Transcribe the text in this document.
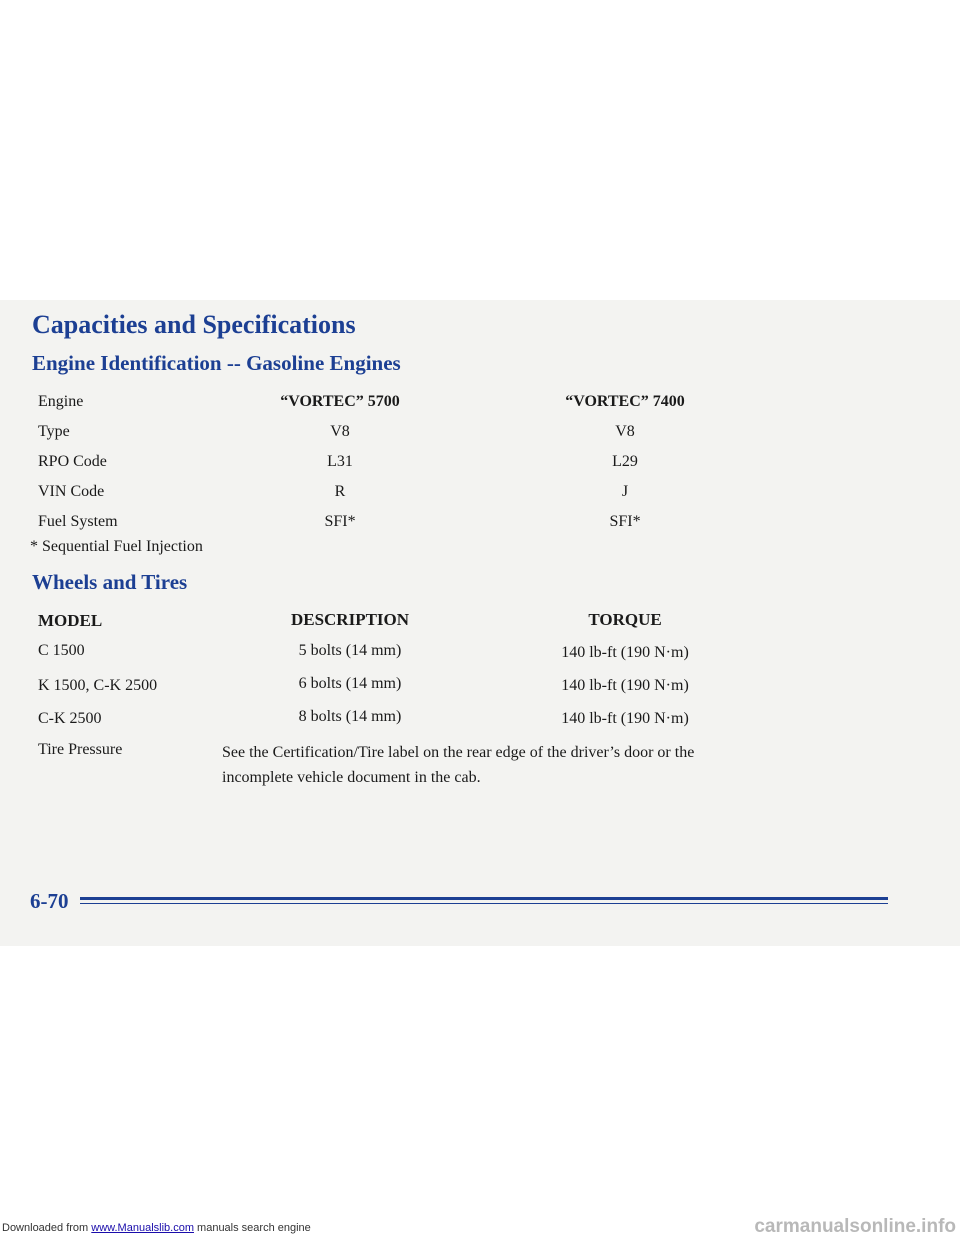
Capacities and Specifications
Engine Identification -- Gasoline Engines
Engine	“VORTEC” 5700	“VORTEC” 7400
Type	V8	V8
RPO Code	L31	L29
VIN Code	R	J
Fuel System	SFI*	SFI*
* Sequential Fuel Injection
Wheels and Tires
MODEL	DESCRIPTION	TORQUE
C 1500	5 bolts (14 mm)	140 lb-ft (190 N·m)
K 1500, C-K 2500	6 bolts (14 mm)	140 lb-ft (190 N·m)
C-K 2500	8 bolts (14 mm)	140 lb-ft (190 N·m)
Tire Pressure	See the Certification/Tire label on the rear edge of the driver’s door or the incomplete vehicle document in the cab.
6-70
Downloaded from www.Manualslib.com manuals search engine	carmanualsonline.info
